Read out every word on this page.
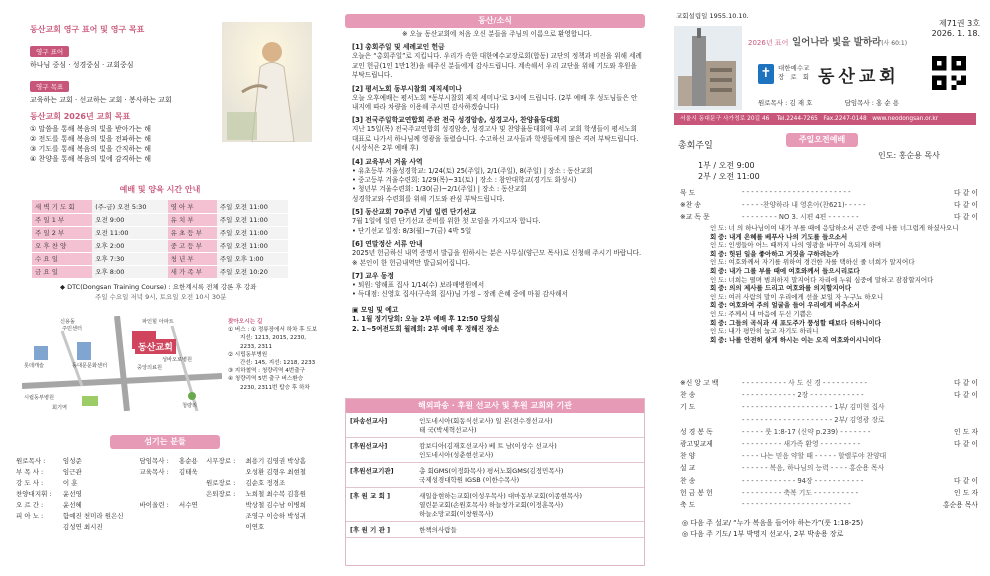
동산교회 영구 표어 및 영구 목표
영구 표어
하나님 중심 · 성경중심 · 교회중심
영구 목표
교육하는 교회 · 선교하는 교회 · 봉사하는 교회
동산교회 2026년 교회 목표
① 말씀을 통해 복음의 빛을 받아가는 해
② 전도를 통해 복음의 빛을 전파하는 해
③ 기도를 통해 복음의 빛을 간직하는 해
④ 찬양을 통해 복음의 빛에 감격하는 해
예배 및 양육 시간 안내
새 벽 기 도 회	(주-금) 오전 5:30	영 아 부	주일 오전 11:00
주 일 1 부	오전 9:00	유 치 부	주일 오전 11:00
주 일 2 부	오전 11:00	유 초 등 부	주일 오전 11:00
오 후 찬 양	오후 2:00	중 고 등 부	주일 오전 11:00
수 요 일	오후 7:30	청 년 부	주일 오후 1:00
금 요 일	오후 8:00	새 가 족 부	주일 오전 10:20
◆ DTC(Dongsan Training Course) : 요한계시록 전체 강론 후 강좌
주일 수요일 저녁 9시, 토요일 오전 10시 30분
동산교회
신용돌
주민센터
파인힐 아파트
롯데캐슬	동대문문화센터
시립동부병원
성바오로병원
중앙의료원
회기역	청량리
찾아오시는 길
① 버스 : ① 정류장에서 하차 후 도보
지선: 1213, 2015, 2230,
2233, 2311
② 시립동부병원
간선: 145, 지선: 1218, 2233
③ 지하철역 : 청량리역 4번출구
④ 청량리역 5번 출구 버스환승
2230, 2311번 탑승 후 하차
섬기는 분들
원로목사 :	임성준	담임목사 :	홍순용	시무장로 :	최용기 김영권 박상흠
부 목 사 :	임근관	교육목사 :	김태욱		오성환 김형우 최현철
강 도 사 :	이 훈			원로장로 :	김순호 정경조
찬양대지휘 :	윤선영			은퇴장로 :	노희철 최수복 김흥원
오 르 간 :	윤선혜	바이올린 :	서수연		박상철 김수남 이병희
피 아 노 :	함예진 천미라 원은신				조영구 이승하 박성귀
	김성연 최시진				이연호
동산/소식

※ 오늘 동산교회에 처음 오신 분들을 주님의 이름으로 환영합니다.

[1] 총회주일 및 세례교인 헌금

오늘은 “총회주일”로 지킵니다. 우리가 속한 대한예수교장로회(합동) 교단의 정책과 비전을 위해 세례교인 헌금(1인 1만1천)을 해주신 분들에게 감사드립니다. 계속해서 우리 교단을 위해 기도와 후원을 부탁드립니다.

[2] 평서노회 동부시찰회 제직세미나

오늘 오후예배는 평서노회 *동부시찰회 제직 세미나'로 3시에 드립니다. (2부 예배 후 성도님들은 안내지에 따라 차량을 이용해 주시면 감사하겠습니다)

[3] 전국주일학교연합회 주관 전국 성경암송, 성경고사, 찬양율동대회

지난 15일(목) 전국주교연합회 성경암송, 성경고사 및 찬양율동대회에 우리 교회 학생들이 평서노회 대표로 나가서 하나님께 영광을 돌렸습니다. 수고하신 교사들과 학생들에게 많은 격려 부탁드립니다. (시상식은 2부 예배 후)

[4] 교육부서 겨울 사역

• 유초등부 겨울성경학교: 1/24(토) 25(주일), 2/1(주일), 8(주일) | 장소 : 동산교회
• 중고등부 겨울수련회: 1/29(목)~31(토) | 장소 : 참안대학교(경기도 화성시)
• 청년부 겨울수련회: 1/30(금)~2/1(주일) | 장소 : 동산교회
성경학교와 수련회를 위해 기도와 관심 부탁드립니다.

[5] 동산교회 70주년 기념 일련 단기선교

7월 1일에 일련 단기선교 준비를 위한 첫 모임을 가지고자 합니다.
• 단기선교 일정: 8/3(월)~7(금) 4박 5일

[6] 연말정산 서류 안내

2025년 헌금하신 내역 증명서 발급을 원하시는 분은 사무실(양근모 목사)로 신청해 주시기 바랍니다. ※ 본인이 한 헌금내역만 발급되어집니다.

[7] 교우 동정

• 퇴원: 양해표 집사 1/14(수) 보라매병원에서
• 득대점: 신영호 집사(구속회 집사)님 가정 – 장례 은혜 중에 마침 감사해서

▣ 모임 및 예고

1. 1월 정기당회: 오늘 2부 예배 후 12:50 당회실

2. 1~5여전도회 월례회: 2부 예배 후 정해진 장소

해외파송 · 후원 선교사 및 후원 교회와 기관
[파송선교사]	인도네시아(회동식선교사) 일 본(전수경선교사)
태 국(박세혁선교사)
[후원선교사]	캄보디아(김재호선교사) 베 트 남(이상수 선교사)
인도네시아(성춘현선교사)
[후원선교기관]	총 회GMS(이정화목사) 평서노회GMS(김정민목사)
국제성경대학원 IGSB (이한수목사)
[후 원 교 회 ]	새일융현하는교회(이성우목사) 대마동부교회(이종현목사)
열린문교회(손원호목사) 하늘창가교회(이정훈목사)
하늘소망교회(이창원목사)
[후 원 기 관 ]	한책의사람들
교회설립일 1955.10.10.
제71권 3호
2026. 1. 18.
2026년 표어 일어나라 빛을 발하라(사 60:1)
✝	대한예수교
장 로 회 동산교회
원로목사 : 김 재 호	담임목사 : 홍 순 용
서울시 동대문구 사가정로 20길 46 Tel.2244-7265 Fax.2247-0148 www.neodongsan.or.kr
주일오전예배
총회주일
인도: 홍순용 목사
1부 / 오전 9:00
2부 / 오전 11:00
묵 도	- - - - - - - - - - - - - - - - - - - - - - - -	다 같 이
※찬 송	- - - - -찬양하라 내 영혼아(찬621)- - - - -	다 같 이
※교 독 문	- - - - - - - - NO 3. 시편 4편 - - - - - - -	다 같 이
인 도: 너 의 하나님이여 내가 부를 때에 응답하소서 곤란 중에 나를 너그럽게 하셨사오니
회 중: 내게 은혜를 베푸사 나의 기도를 들으소서
인 도: 인생들아 어느 때까지 나의 영광을 바꾸어 욕되게 하며
회 중: 헛된 일을 좋아하고 거짓을 구하려는가
인 도: 여호와께서 자기를 위하여 경건한 자를 택하신 줄 너희가 알지어다
회 중: 내가 그를 부를 때에 여호와께서 들으시리로다
인 도: 너희는 떨며 범죄하지 말지어다 자리에 누워 심중에 말하고 잠잠할지어다
회 중: 의의 제사를 드리고 여호와를 의지할지어다
인 도: 여러 사람의 말이 우리에게 선을 보일 자 누구뇨 하오니
회 중: 여호와여 주의 얼굴을 들어 우리에게 비추소서
인 도: 주께서 내 마음에 두신 기쁨은
회 중: 그들의 곡식과 새 포도주가 풍성할 때보다 더하니이다
인 도: 내가 평안히 눕고 자기도 하리니
회 중: 나를 안전히 살게 하시는 이는 오직 여호와이시니이다
※신 앙 고 백	- - - - - - - - - - 사 도 신 경 - - - - - - - - - -	다 같 이
찬 송	- - - - - - - - - - - - 2장 - - - - - - - - - - - -	다 같 이
기 도	- - - - - - - - - - - - - - - - - - - - 1부/ 김미현 집사	
	- - - - - - - - - - - - - - - - - - - - 2부/ 김영광 장로	
성 경 봉 독	- - - - - 룻 1:8-17 (신약 p.239) - - - - - - -	인 도 자
광고및교제	- - - - - - - - - 새가족 환영 - - - - - - - - -	다 같 이
찬 양	- - - - 나는 믿음 약할 때 - - - - - 할렐루야 찬양대	
설 교	- - - - - - 복음, 하나님의 능력 - - - - 홍순용 목사	
찬 송	- - - - - - - - - - - - 94장 - - - - - - - - - - -	다 같 이
헌 금 봉 헌	- - - - - - - - - 축복 기도 - - - - - - - - - -	인 도 자
축 도	- - - - - - - - - - - - - - - - - - - - - - - -	홍순용 목사
◎ 다음 주 설교/ “누가 복음을 들어야 하는가”(룻 1:18-25)
◎ 다음 주 기도/ 1부 박명지 선교사, 2부 박송용 장로
